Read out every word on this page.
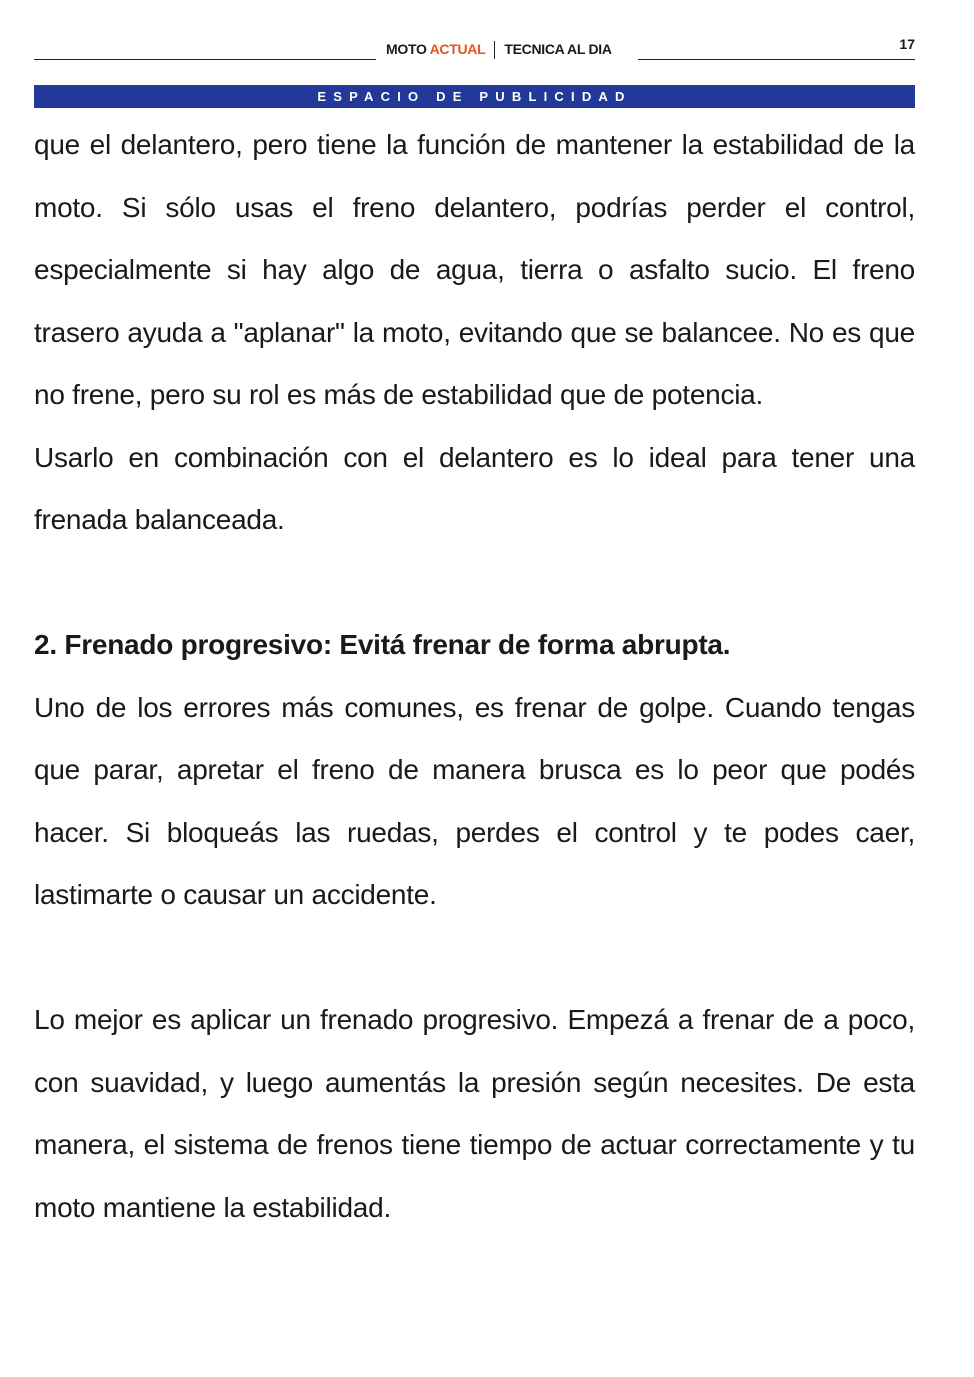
MOTO ACTUAL TECNICA AL DIA	17
ESPACIO DE PUBLICIDAD

que el delantero, pero tiene la función de mantener la estabilidad de la moto. Si sólo usas el freno delantero, podrías perder el control, especialmente si hay algo de agua, tierra o asfalto sucio. El freno trasero ayuda a "aplanar" la moto, evitando que se balancee. No es que no frene, pero su rol es más de estabilidad que de potencia.

Usarlo en combinación con el delantero es lo ideal para tener una frenada balanceada.

2. Frenado progresivo: Evitá frenar de forma abrupta.

Uno de los errores más comunes, es frenar de golpe. Cuando tengas que parar, apretar el freno de manera brusca es lo peor que podés hacer. Si bloqueás las ruedas, perdes el control y te podes caer, lastimarte o causar un accidente.

Lo mejor es aplicar un frenado progresivo. Empezá a frenar de a poco, con suavidad, y luego aumentás la presión según necesites. De esta manera, el sistema de frenos tiene tiempo de actuar correctamente y tu moto mantiene la estabilidad.
